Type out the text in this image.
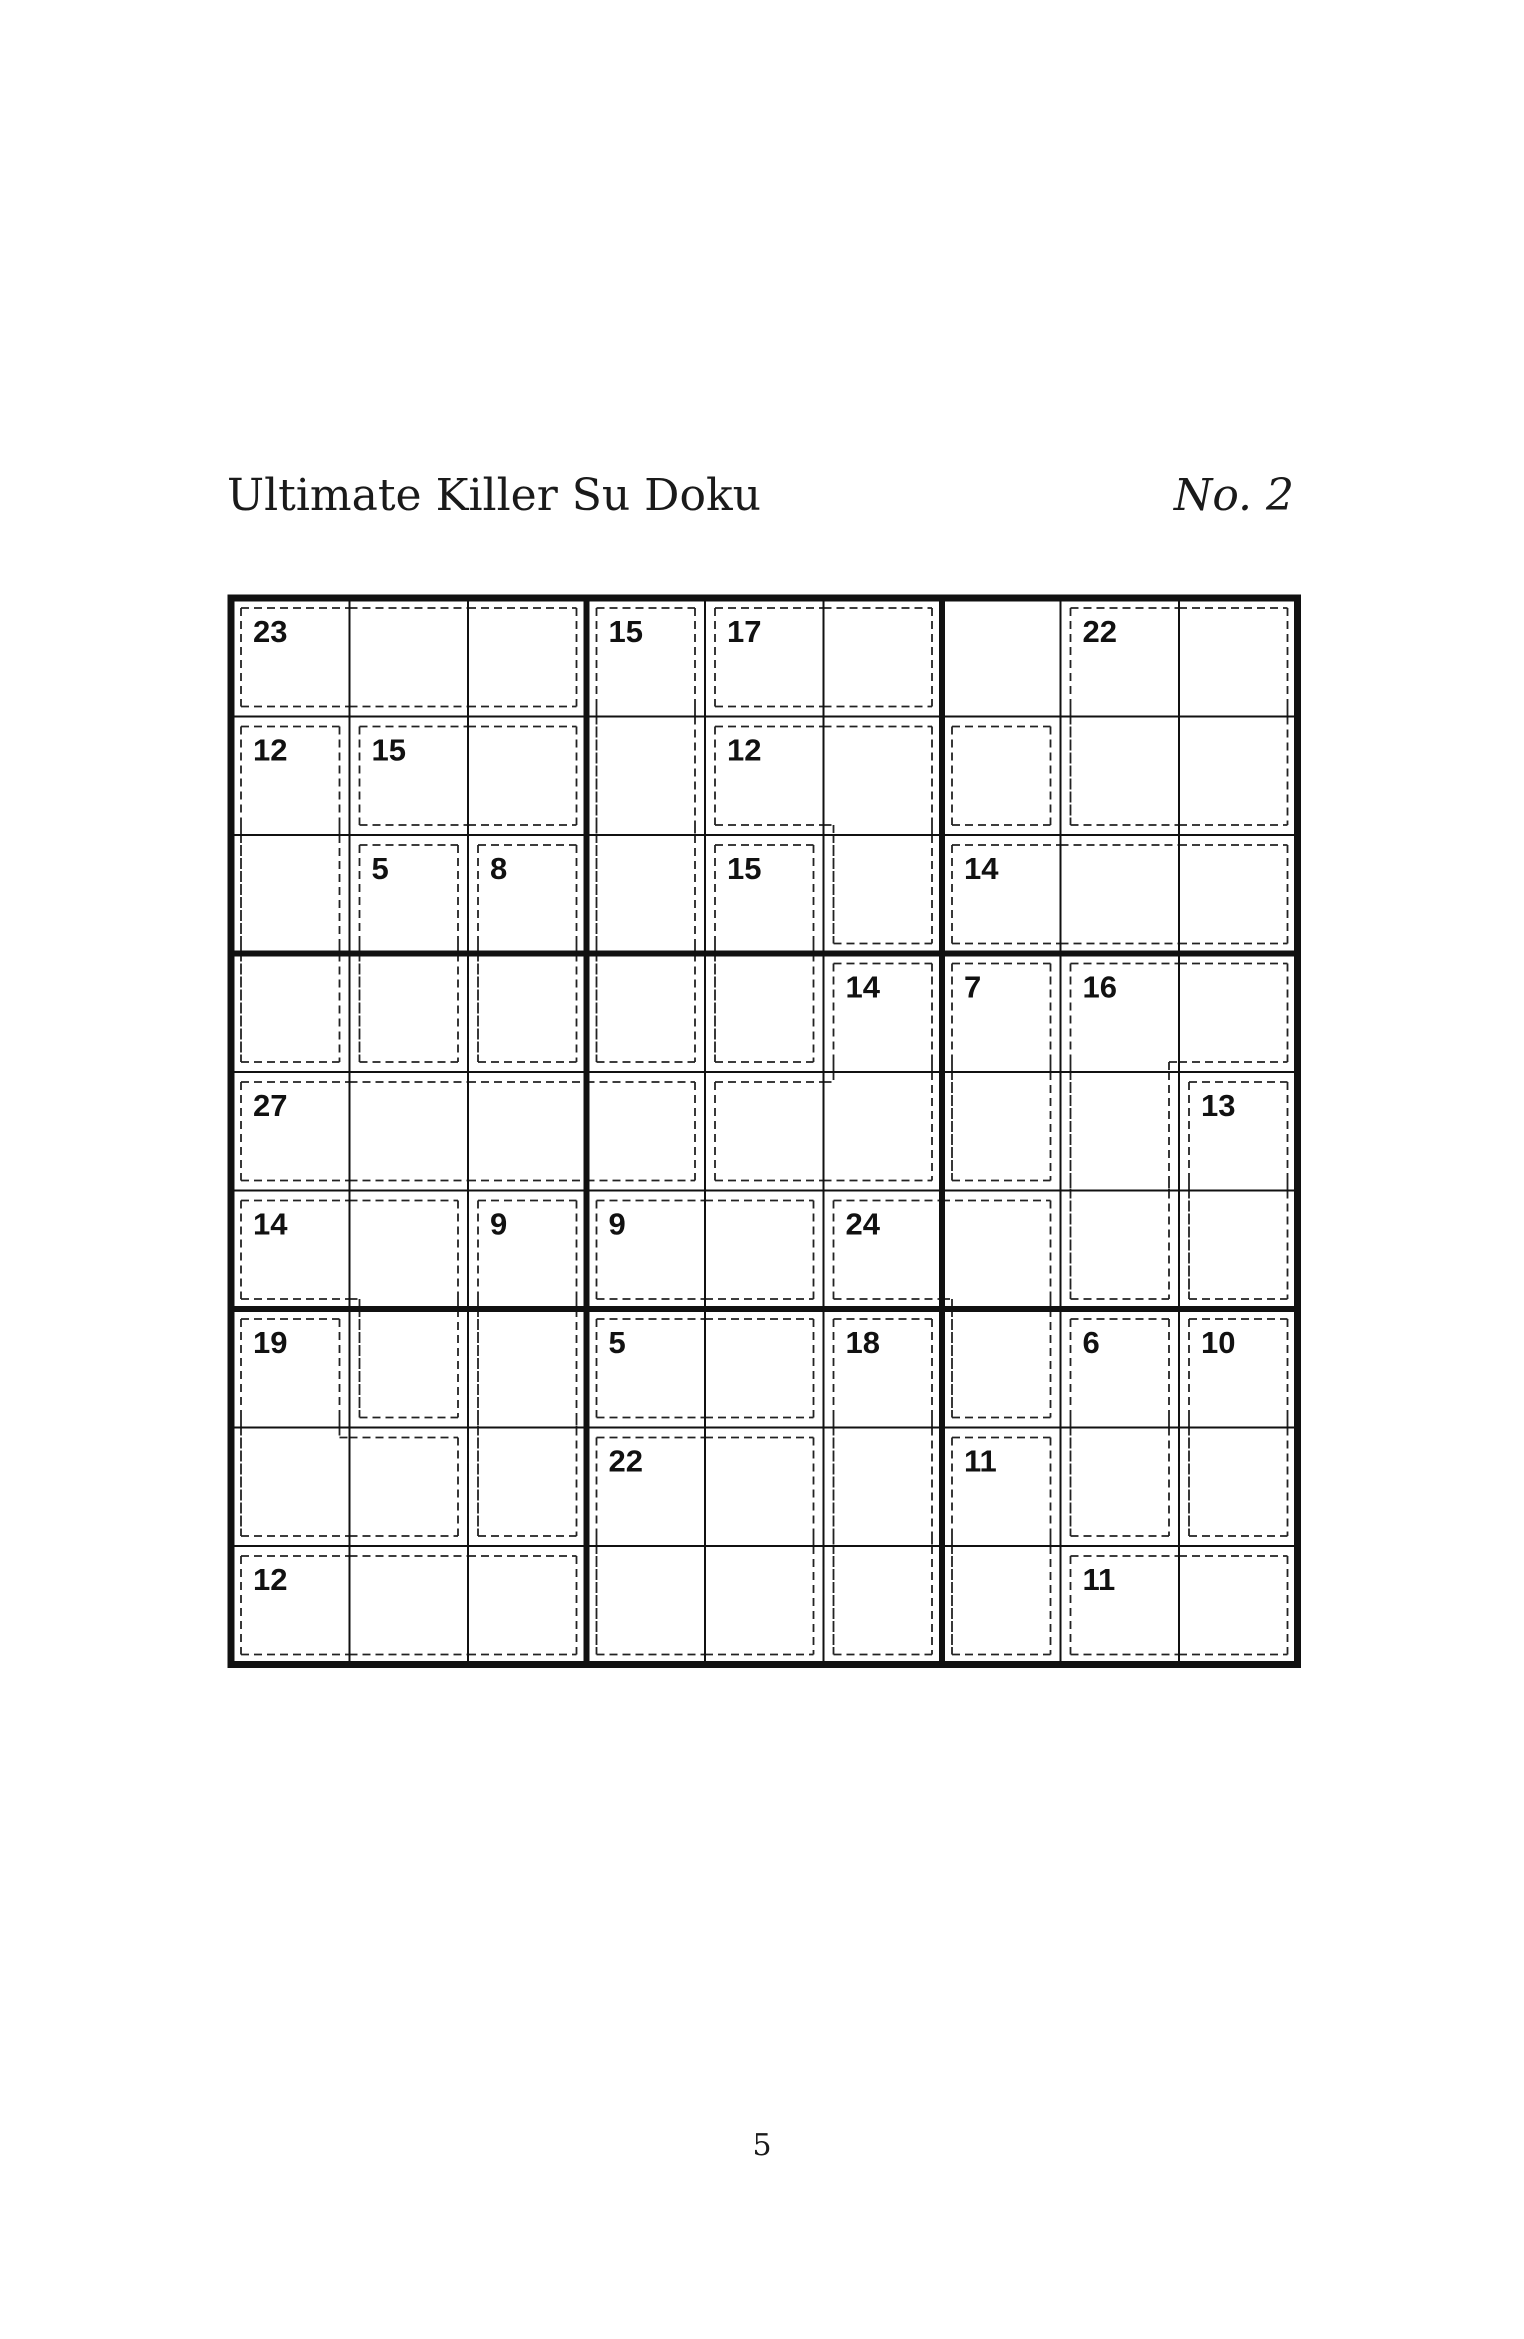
Ultimate Killer Su Doku	No. 2
23	17	22
12	15	12
5	8
15
15	14
14	7	16
27	13
14	9	24
19
9
5	18	6	10
22	11
12	11
5
